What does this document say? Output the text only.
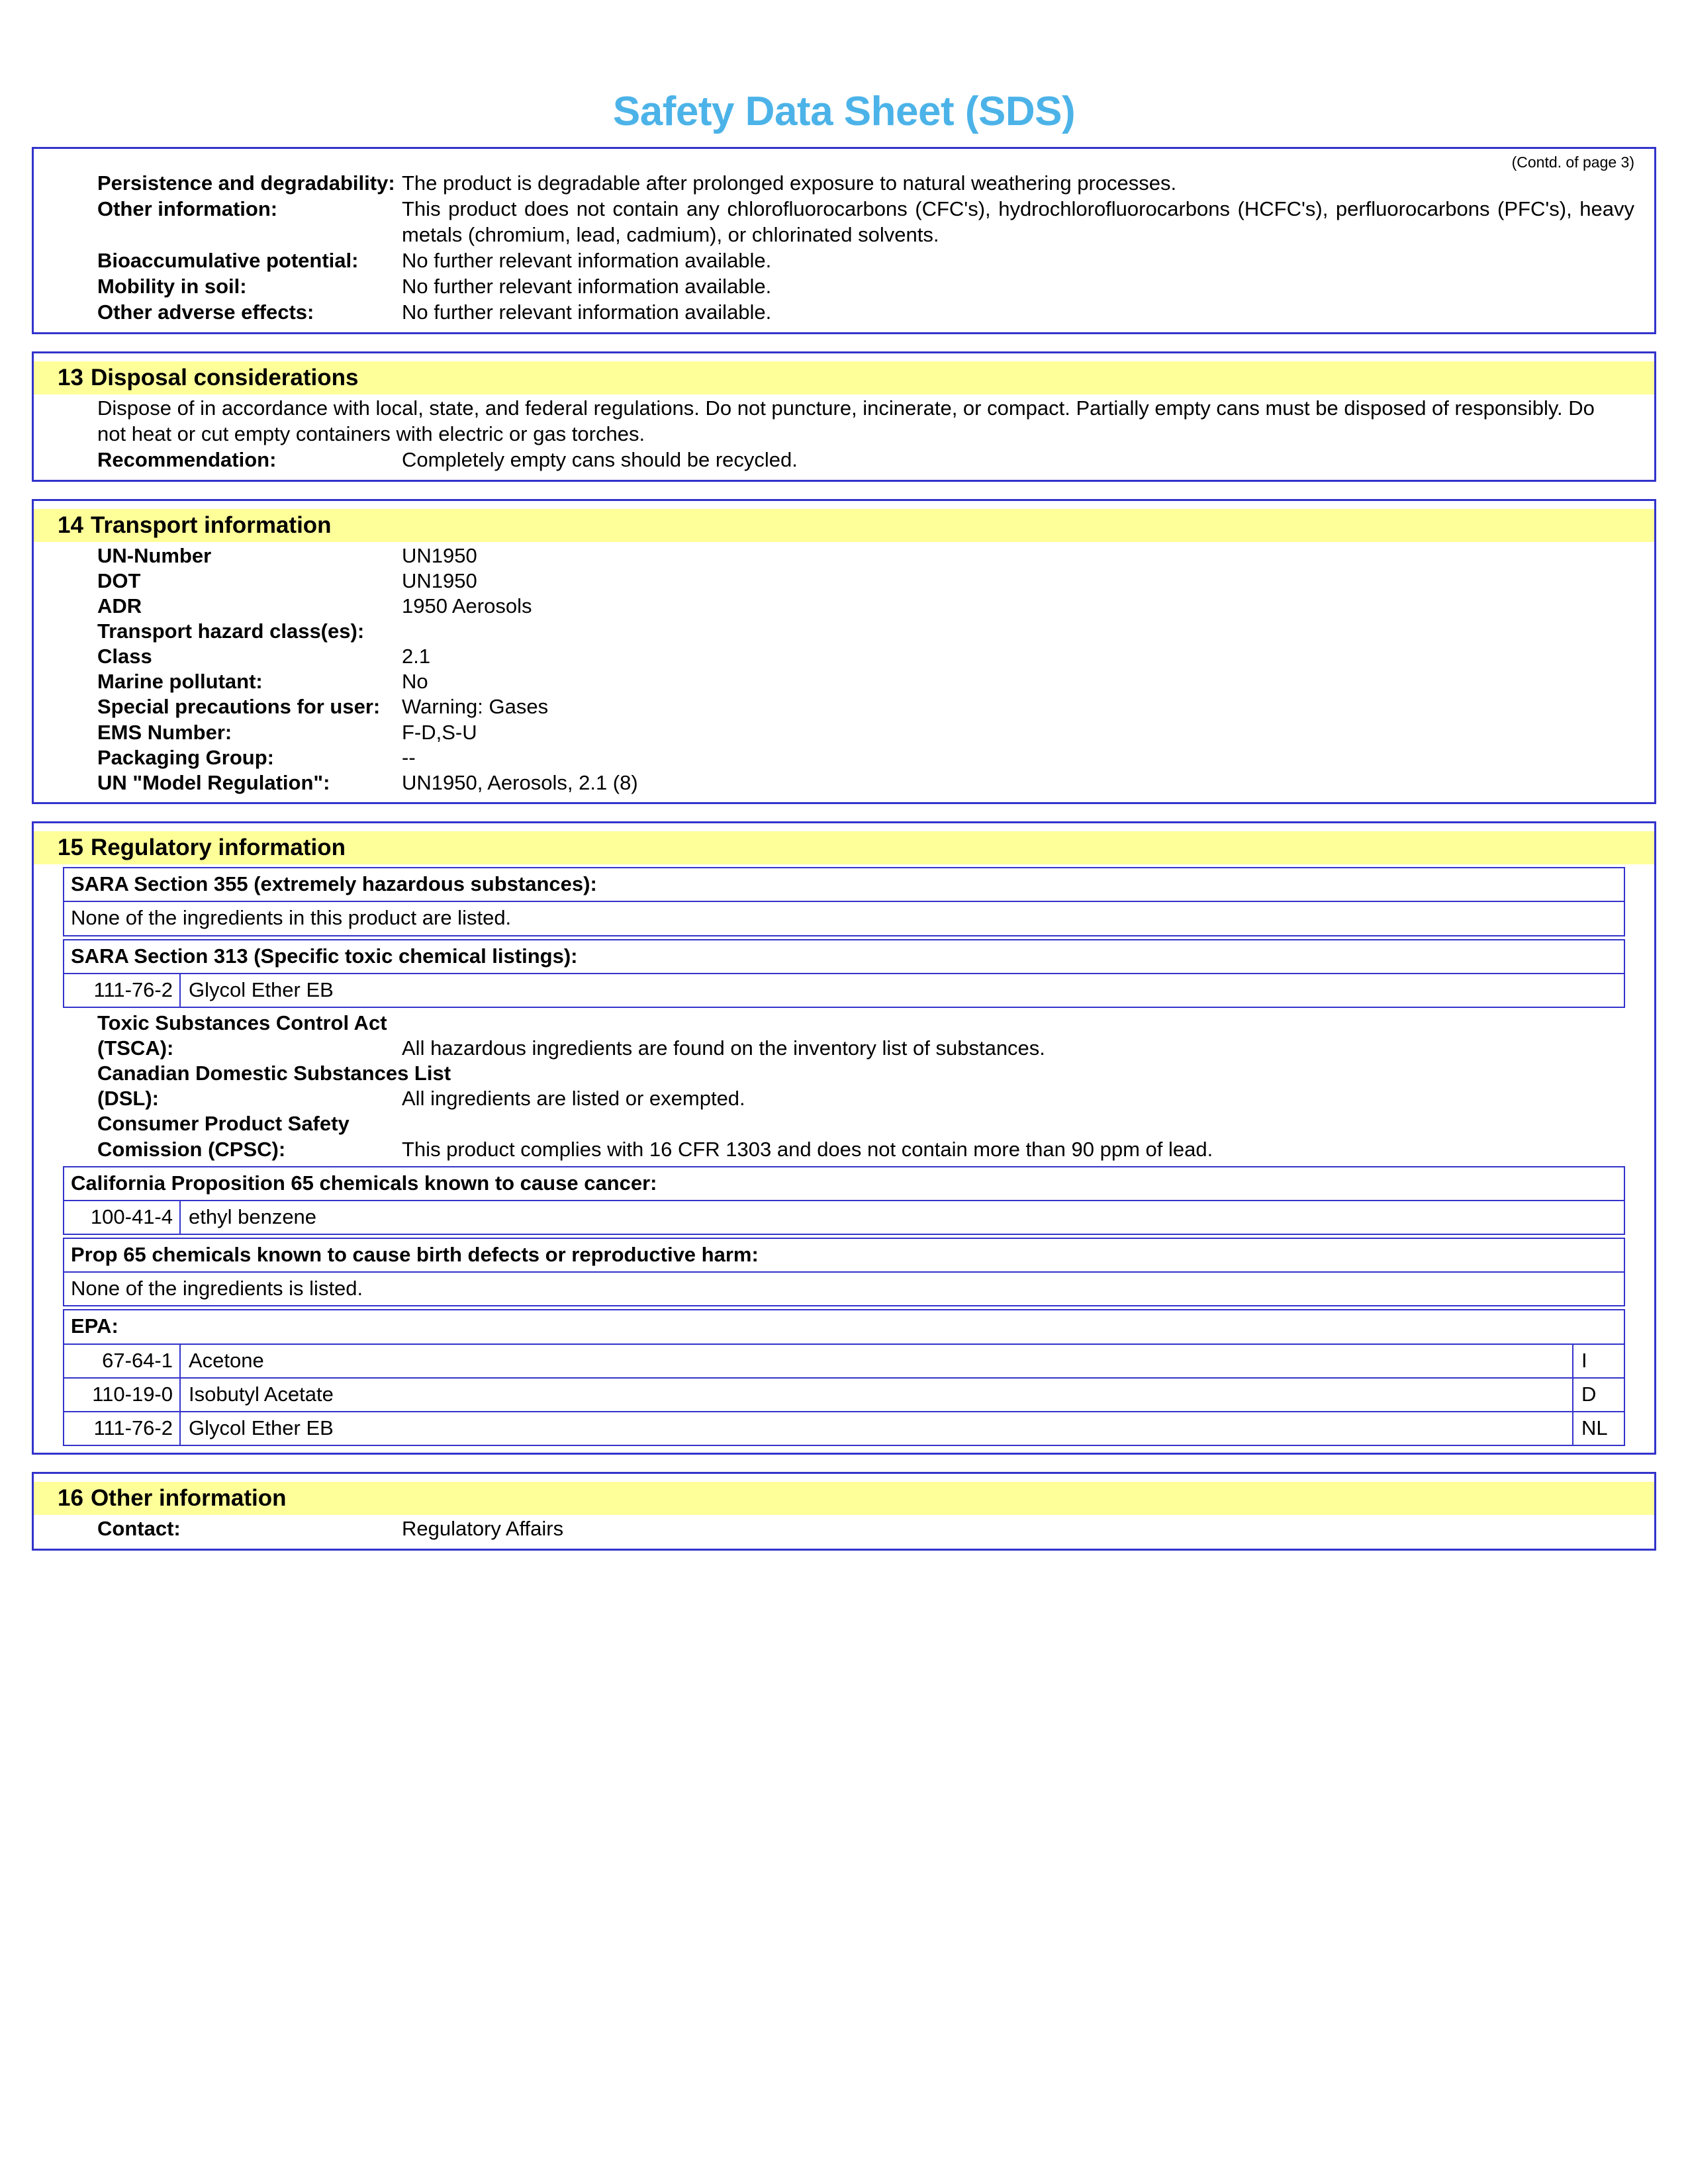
Safety Data Sheet (SDS)
(Contd. of page 3)
Persistence and degradability: The product is degradable after prolonged exposure to natural weathering processes.
Other information:	This product does not contain any chlorofluorocarbons (CFC's), hydrochlorofluorocarbons (HCFC's), perfluorocarbons (PFC's), heavy metals (chromium, lead, cadmium), or chlorinated solvents.
Bioaccumulative potential:	No further relevant information available.
Mobility in soil:	No further relevant information available.
Other adverse effects:	No further relevant information available.
13 Disposal considerations
Dispose of in accordance with local, state, and federal regulations. Do not puncture, incinerate, or compact. Partially empty cans must be disposed of responsibly. Do not heat or cut empty containers with electric or gas torches.
Recommendation:	Completely empty cans should be recycled.
14 Transport information
UN-Number	UN1950
DOT	UN1950
ADR	1950 Aerosols
Transport hazard class(es):
Class	2.1
Marine pollutant:	No
Special precautions for user:	Warning: Gases
EMS Number:	F-D,S-U
Packaging Group:	--
UN "Model Regulation":	UN1950, Aerosols, 2.1 (8)
15 Regulatory information
SARA Section 355 (extremely hazardous substances):
None of the ingredients in this product are listed.
SARA Section 313 (Specific toxic chemical listings):
111-76-2 Glycol Ether EB
Toxic Substances Control Act
(TSCA):	All hazardous ingredients are found on the inventory list of substances.
Canadian Domestic Substances List
(DSL):	All ingredients are listed or exempted.
Consumer Product Safety
Comission (CPSC):	This product complies with 16 CFR 1303 and does not contain more than 90 ppm of lead.
California Proposition 65 chemicals known to cause cancer:
100-41-4 ethyl benzene
Prop 65 chemicals known to cause birth defects or reproductive harm:
None of the ingredients is listed.
EPA:
67-64-1 Acetone	I
110-19-0 Isobutyl Acetate	D
111-76-2 Glycol Ether EB	NL
16 Other information
Contact:	Regulatory Affairs
